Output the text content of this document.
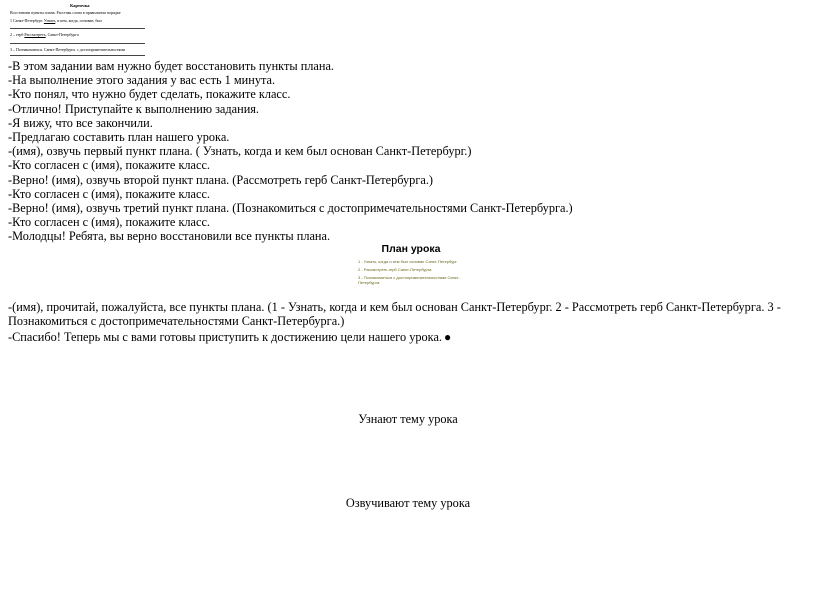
Карточка
Восстанови пункты плана. Расставь слова в правильном порядке
1 Санкт-Петербург. Узнать, и кем, когда, основан, был
2 – герб Рассмотреть, Санкт-Петербурга
3 – Познакомиться. Санкт-Петербурга. с достопримечательностями

-В этом задании вам нужно будет восстановить пункты плана.

-На выполнение этого задания у вас есть 1 минута.

-Кто понял, что нужно будет сделать, покажите класс.

-Отлично! Приступайте к выполнению задания.

-Я вижу, что все закончили.

-Предлагаю составить план нашего урока.

-(имя), озвучь первый пункт плана. ( Узнать, когда и кем был основан Санкт-Петербург.)

-Кто согласен с (имя), покажите класс.

-Верно! (имя), озвучь второй пункт плана. (Рассмотреть герб Санкт-Петербурга.)

-Кто согласен с (имя), покажите класс.

-Верно! (имя), озвучь третий пункт плана. (Познакомиться с достопримечательностями Санкт-Петербурга.)

-Кто согласен с (имя), покажите класс.

-Молодцы! Ребята, вы верно восстановили все пункты плана.

План урока
1 - Узнать, когда и кем был основан Санкт-Петербург.
2 - Рассмотреть герб Санкт-Петербурга.
3 - Познакомиться с достопримечательностями Санкт-Петербурга.

-(имя), прочитай, пожалуйста, все пункты плана. (1 - Узнать, когда и кем был основан Санкт-Петербург. 2 - Рассмотреть герб Санкт-Петербурга. 3 - Познакомиться с достопримечательностями Санкт-Петербурга.)

-Спасибо! Теперь мы с вами готовы приступить к достижению цели нашего урока. ●

Узнают тему урока
Озвучивают тему урока
